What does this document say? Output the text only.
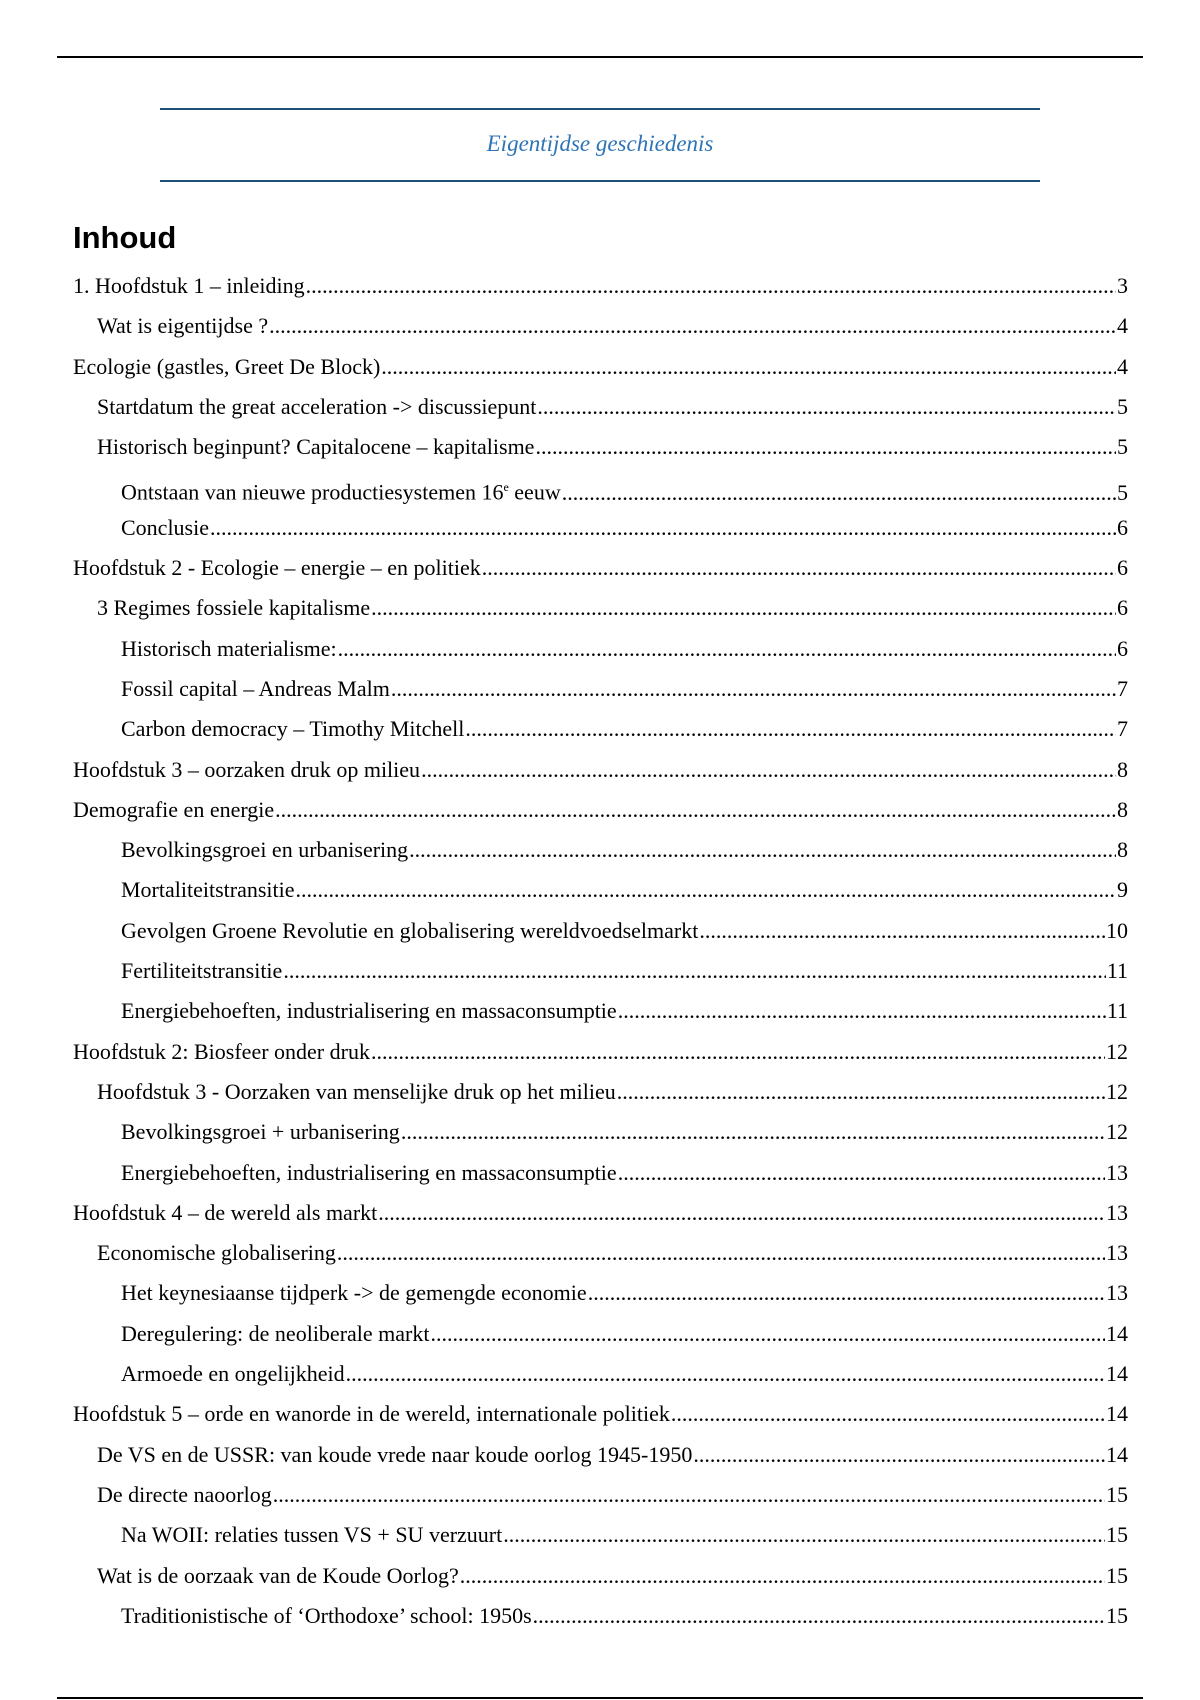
Eigentijdse geschiedenis
Inhoud
1. Hoofdstuk 1 – inleiding .....	3
Wat is eigentijdse ? .....	4
Ecologie (gastles, Greet De Block) .....	4
Startdatum the great acceleration -> discussiepunt .....	5
Historisch beginpunt? Capitalocene – kapitalisme .....	5
Ontstaan van nieuwe productiesystemen 16e eeuw .....	5
Conclusie .....	6
Hoofdstuk 2 - Ecologie – energie – en politiek .....	6
3 Regimes fossiele kapitalisme .....	6
Historisch materialisme: .....	6
Fossil capital – Andreas Malm .....	7
Carbon democracy – Timothy Mitchell .....	7
Hoofdstuk 3 – oorzaken druk op milieu .....	8
Demografie en energie .....	8
Bevolkingsgroei en urbanisering .....	8
Mortaliteitstransitie .....	9
Gevolgen Groene Revolutie en globalisering wereldvoedselmarkt .....	10
Fertiliteitstransitie .....	11
Energiebehoeften, industrialisering en massaconsumptie .....	11
Hoofdstuk 2: Biosfeer onder druk .....	12
Hoofdstuk 3 - Oorzaken van menselijke druk op het milieu .....	12
Bevolkingsgroei + urbanisering .....	12
Energiebehoeften, industrialisering en massaconsumptie .....	13
Hoofdstuk 4 – de wereld als markt .....	13
Economische globalisering .....	13
Het keynesiaanse tijdperk -> de gemengde economie .....	13
Deregulering: de neoliberale markt .....	14
Armoede en ongelijkheid .....	14
Hoofdstuk 5 – orde en wanorde in de wereld, internationale politiek .....	14
De VS en de USSR: van koude vrede naar koude oorlog 1945-1950 .....	14
De directe naoorlog .....	15
Na WOII: relaties tussen VS + SU verzuurt .....	15
Wat is de oorzaak van de Koude Oorlog? .....	15
Traditionistische of ‘Orthodoxe’ school: 1950s .....	15
